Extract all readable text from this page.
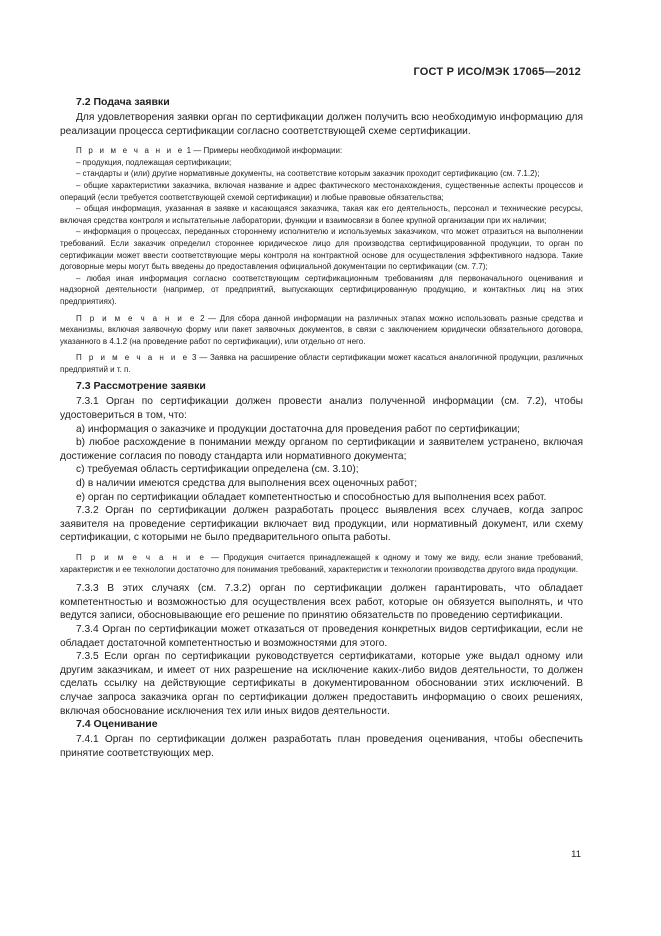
ГОСТ Р ИСО/МЭК 17065—2012
7.2 Подача заявки

Для удовлетворения заявки орган по сертификации должен получить всю необходимую информацию для реализации процесса сертификации согласно соответствующей схеме сертификации.

П р и м е ч а н и е 1 — Примеры необходимой информации:

– продукция, подлежащая сертификации;

– стандарты и (или) другие нормативные документы, на соответствие которым заказчик проходит сертификацию (см. 7.1.2);

– общие характеристики заказчика, включая название и адрес фактического местонахождения, существенные аспекты процессов и операций (если требуется соответствующей схемой сертификации) и любые правовые обязательства;

– общая информация, указанная в заявке и касающаяся заказчика, такая как его деятельность, персонал и технические ресурсы, включая средства контроля и испытательные лаборатории, функции и взаимосвязи в более крупной организации при их наличии;

– информация о процессах, переданных стороннему исполнителю и используемых заказчиком, что может отразиться на выполнении требований. Если заказчик определил стороннее юридическое лицо для производства сертифицированной продукции, то орган по сертификации может ввести соответствующие меры контроля на контрактной основе для осуществления эффективного надзора. Такие договорные меры могут быть введены до предоставления официальной документации по сертификации (см. 7.7);

– любая иная информация согласно соответствующим сертификационным требованиям для первоначального оценивания и надзорной деятельности (например, от предприятий, выпускающих сертифицированную продукцию, и контактных лиц на этих предприятиях).

П р и м е ч а н и е 2 — Для сбора данной информации на различных этапах можно использовать разные средства и механизмы, включая заявочную форму или пакет заявочных документов, в связи с заключением юридически обязательного договора, указанного в 4.1.2 (на проведение работ по сертификации), или отдельно от него.

П р и м е ч а н и е 3 — Заявка на расширение области сертификации может касаться аналогичной продукции, различных предприятий и т. п.

7.3 Рассмотрение заявки

7.3.1 Орган по сертификации должен провести анализ полученной информации (см. 7.2), чтобы удостовериться в том, что:

а) информация о заказчике и продукции достаточна для проведения работ по сертификации;

b) любое расхождение в понимании между органом по сертификации и заявителем устранено, включая достижение согласия по поводу стандарта или нормативного документа;

c) требуемая область сертификации определена (см. 3.10);

d) в наличии имеются средства для выполнения всех оценочных работ;

e) орган по сертификации обладает компетентностью и способностью для выполнения всех работ.

7.3.2 Орган по сертификации должен разработать процесс выявления всех случаев, когда запрос заявителя на проведение сертификации включает вид продукции, или нормативный документ, или схему сертификации, с которыми не было предварительного опыта работы.

П р и м е ч а н и е — Продукция считается принадлежащей к одному и тому же виду, если знание требований, характеристик и ее технологии достаточно для понимания требований, характеристик и технологии производства другого вида продукции.

7.3.3 В этих случаях (см. 7.3.2) орган по сертификации должен гарантировать, что обладает компетентностью и возможностью для осуществления всех работ, которые он обязуется выполнять, и что ведутся записи, обосновывающие его решение по принятию обязательств по проведению сертификации.

7.3.4 Орган по сертификации может отказаться от проведения конкретных видов сертификации, если не обладает достаточной компетентностью и возможностями для этого.

7.3.5 Если орган по сертификации руководствуется сертификатами, которые уже выдал одному или другим заказчикам, и имеет от них разрешение на исключение каких-либо видов деятельности, то должен сделать ссылку на действующие сертификаты в документированном обосновании этих исключений. В случае запроса заказчика орган по сертификации должен предоставить информацию о своих решениях, включая обоснование исключения тех или иных видов деятельности.

7.4 Оценивание

7.4.1 Орган по сертификации должен разработать план проведения оценивания, чтобы обеспечить принятие соответствующих мер.

11
